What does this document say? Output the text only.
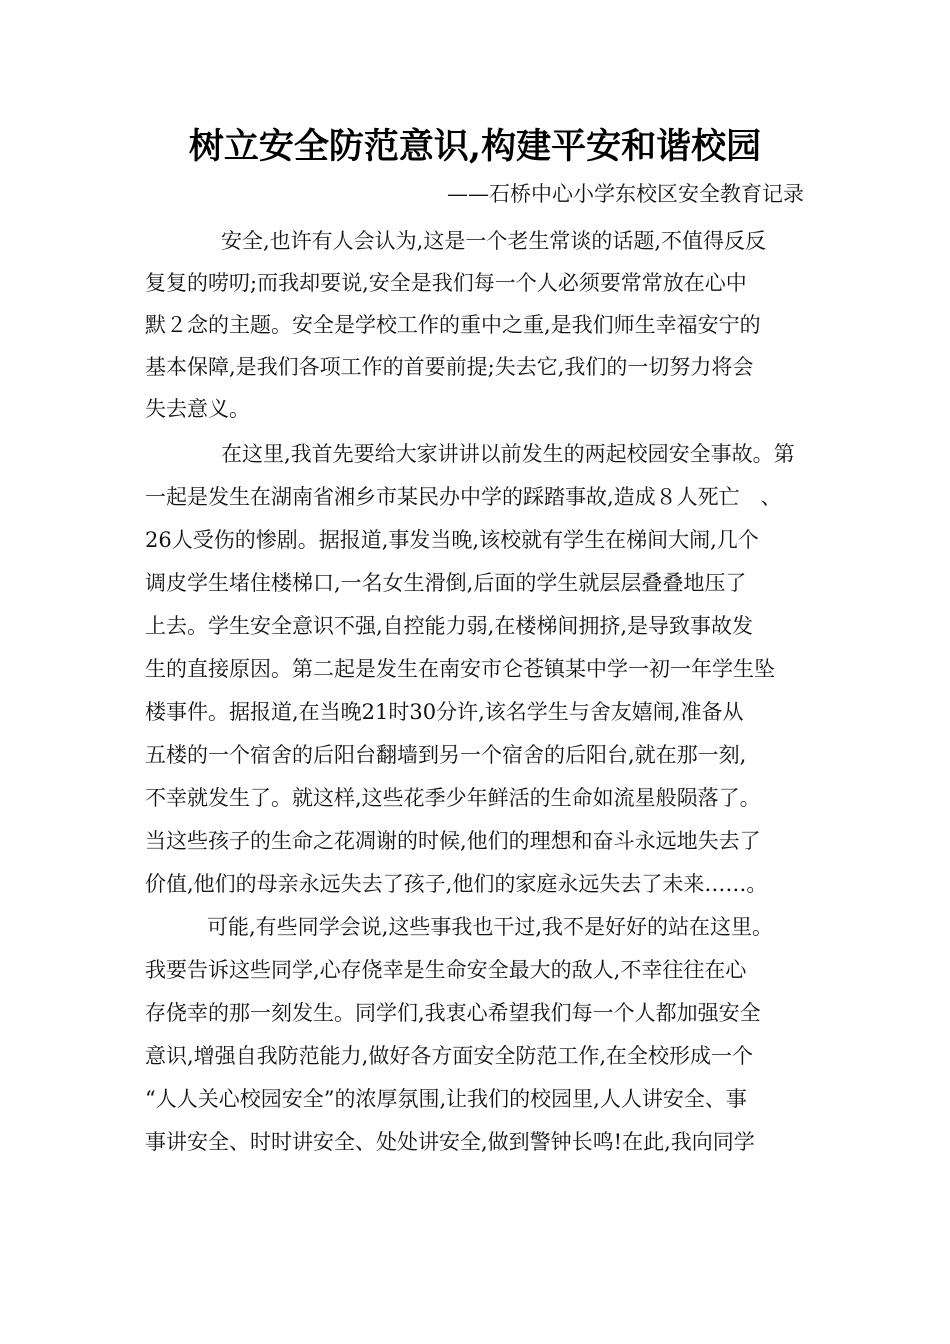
树立安全防范意识,构建平安和谐校园
——石桥中心小学东校区安全教育记录
　安全,也许有人会认为,这是一个老生常谈的话题,不值得反反
复复的唠叨;而我却要说,安全是我们每一个人必须要常常放在心中
默２念的主题。安全是学校工作的重中之重,是我们师生幸福安宁的
基本保障,是我们各项工作的首要前提;失去它,我们的一切努力将会
失去意义。
　在这里,我首先要给大家讲讲以前发生的两起校园安全事故。第
一起是发生在湖南省湘乡市某民办中学的踩踏事故,造成８人死亡　、
26人受伤的惨剧。据报道,事发当晚,该校就有学生在梯间大闹,几个
调皮学生堵住楼梯口,一名女生滑倒,后面的学生就层层叠叠地压了
上去。学生安全意识不强,自控能力弱,在楼梯间拥挤,是导致事故发
生的直接原因。第二起是发生在南安市仑苍镇某中学一初一年学生坠
楼事件。据报道,在当晚21时30分许,该名学生与舍友嬉闹,准备从
五楼的一个宿舍的后阳台翻墙到另一个宿舍的后阳台,就在那一刻,
不幸就发生了。就这样,这些花季少年鲜活的生命如流星般陨落了。
当这些孩子的生命之花凋谢的时候,他们的理想和奋斗永远地失去了
价值,他们的母亲永远失去了孩子,他们的家庭永远失去了未来……。
　可能,有些同学会说,这些事我也干过,我不是好好的站在这里。
我要告诉这些同学,心存侥幸是生命安全最大的敌人,不幸往往在心
存侥幸的那一刻发生。同学们,我衷心希望我们每一个人都加强安全
意识,增强自我防范能力,做好各方面安全防范工作,在全校形成一个
“人人关心校园安全”的浓厚氛围,让我们的校园里,人人讲安全、事
事讲安全、时时讲安全、处处讲安全,做到警钟长鸣!在此,我向同学
